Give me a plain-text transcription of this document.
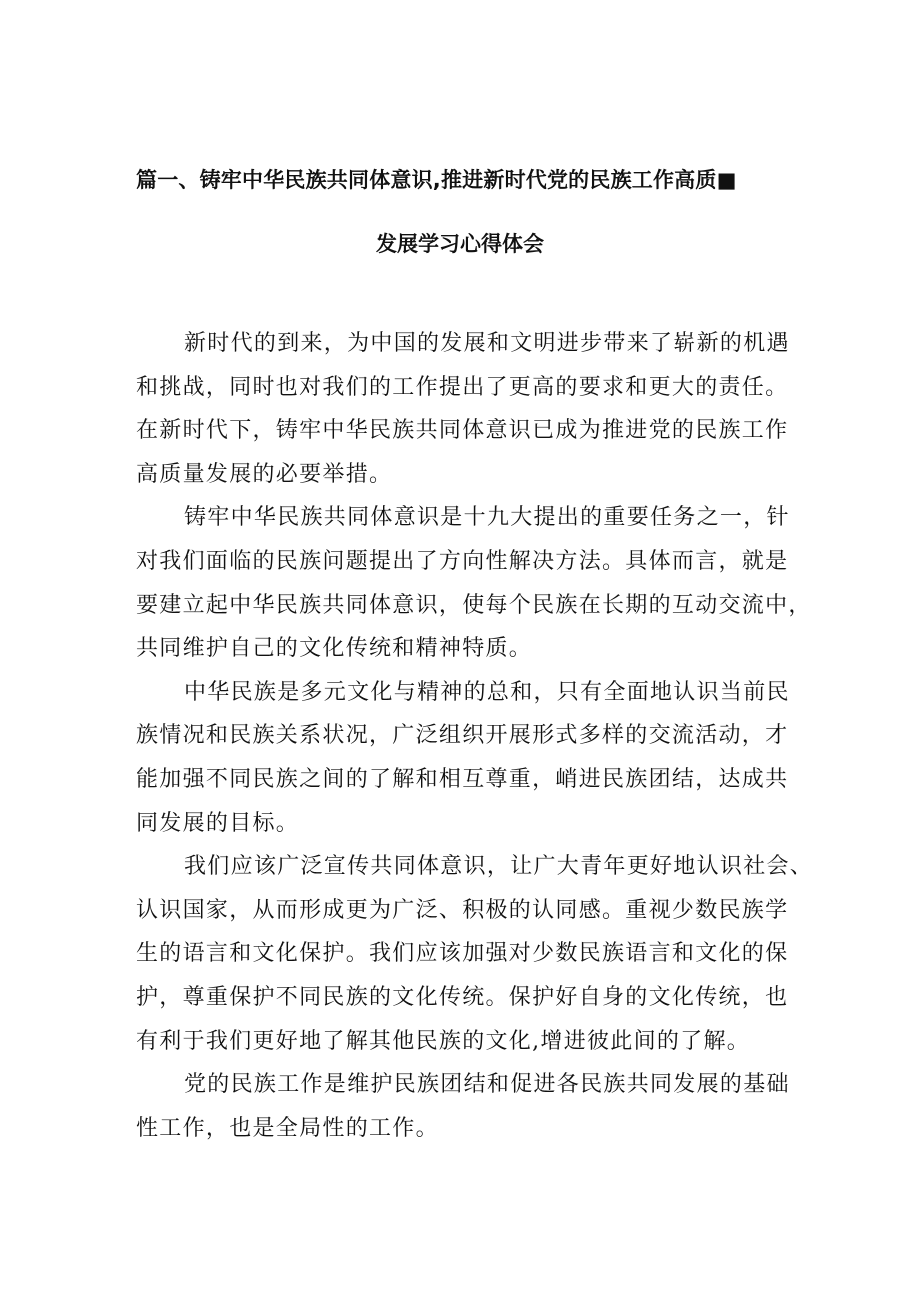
篇一、铸牢中华民族共同体意识,推进新时代党的民族工作高质■
发展学习心得体会

新时代的到来，为中国的发展和文明进步带来了崭新的机遇
和挑战，同时也对我们的工作提出了更高的要求和更大的责任。
在新时代下，铸牢中华民族共同体意识已成为推进党的民族工作
高质量发展的必要举措。

铸牢中华民族共同体意识是十九大提出的重要任务之一，针
对我们面临的民族问题提出了方向性解决方法。具体而言，就是
要建立起中华民族共同体意识，使每个民族在长期的互动交流中，
共同维护自己的文化传统和精神特质。

中华民族是多元文化与精神的总和，只有全面地认识当前民
族情况和民族关系状况，广泛组织开展形式多样的交流活动，才
能加强不同民族之间的了解和相互尊重，峭进民族团结，达成共
同发展的目标。

我们应该广泛宣传共同体意识，让广大青年更好地认识社会、
认识国家，从而形成更为广泛、积极的认同感。重视少数民族学
生的语言和文化保护。我们应该加强对少数民族语言和文化的保
护，尊重保护不同民族的文化传统。保护好自身的文化传统，也
有利于我们更好地了解其他民族的文化,增进彼此间的了解。

党的民族工作是维护民族团结和促进各民族共同发展的基础
性工作，也是全局性的工作。
